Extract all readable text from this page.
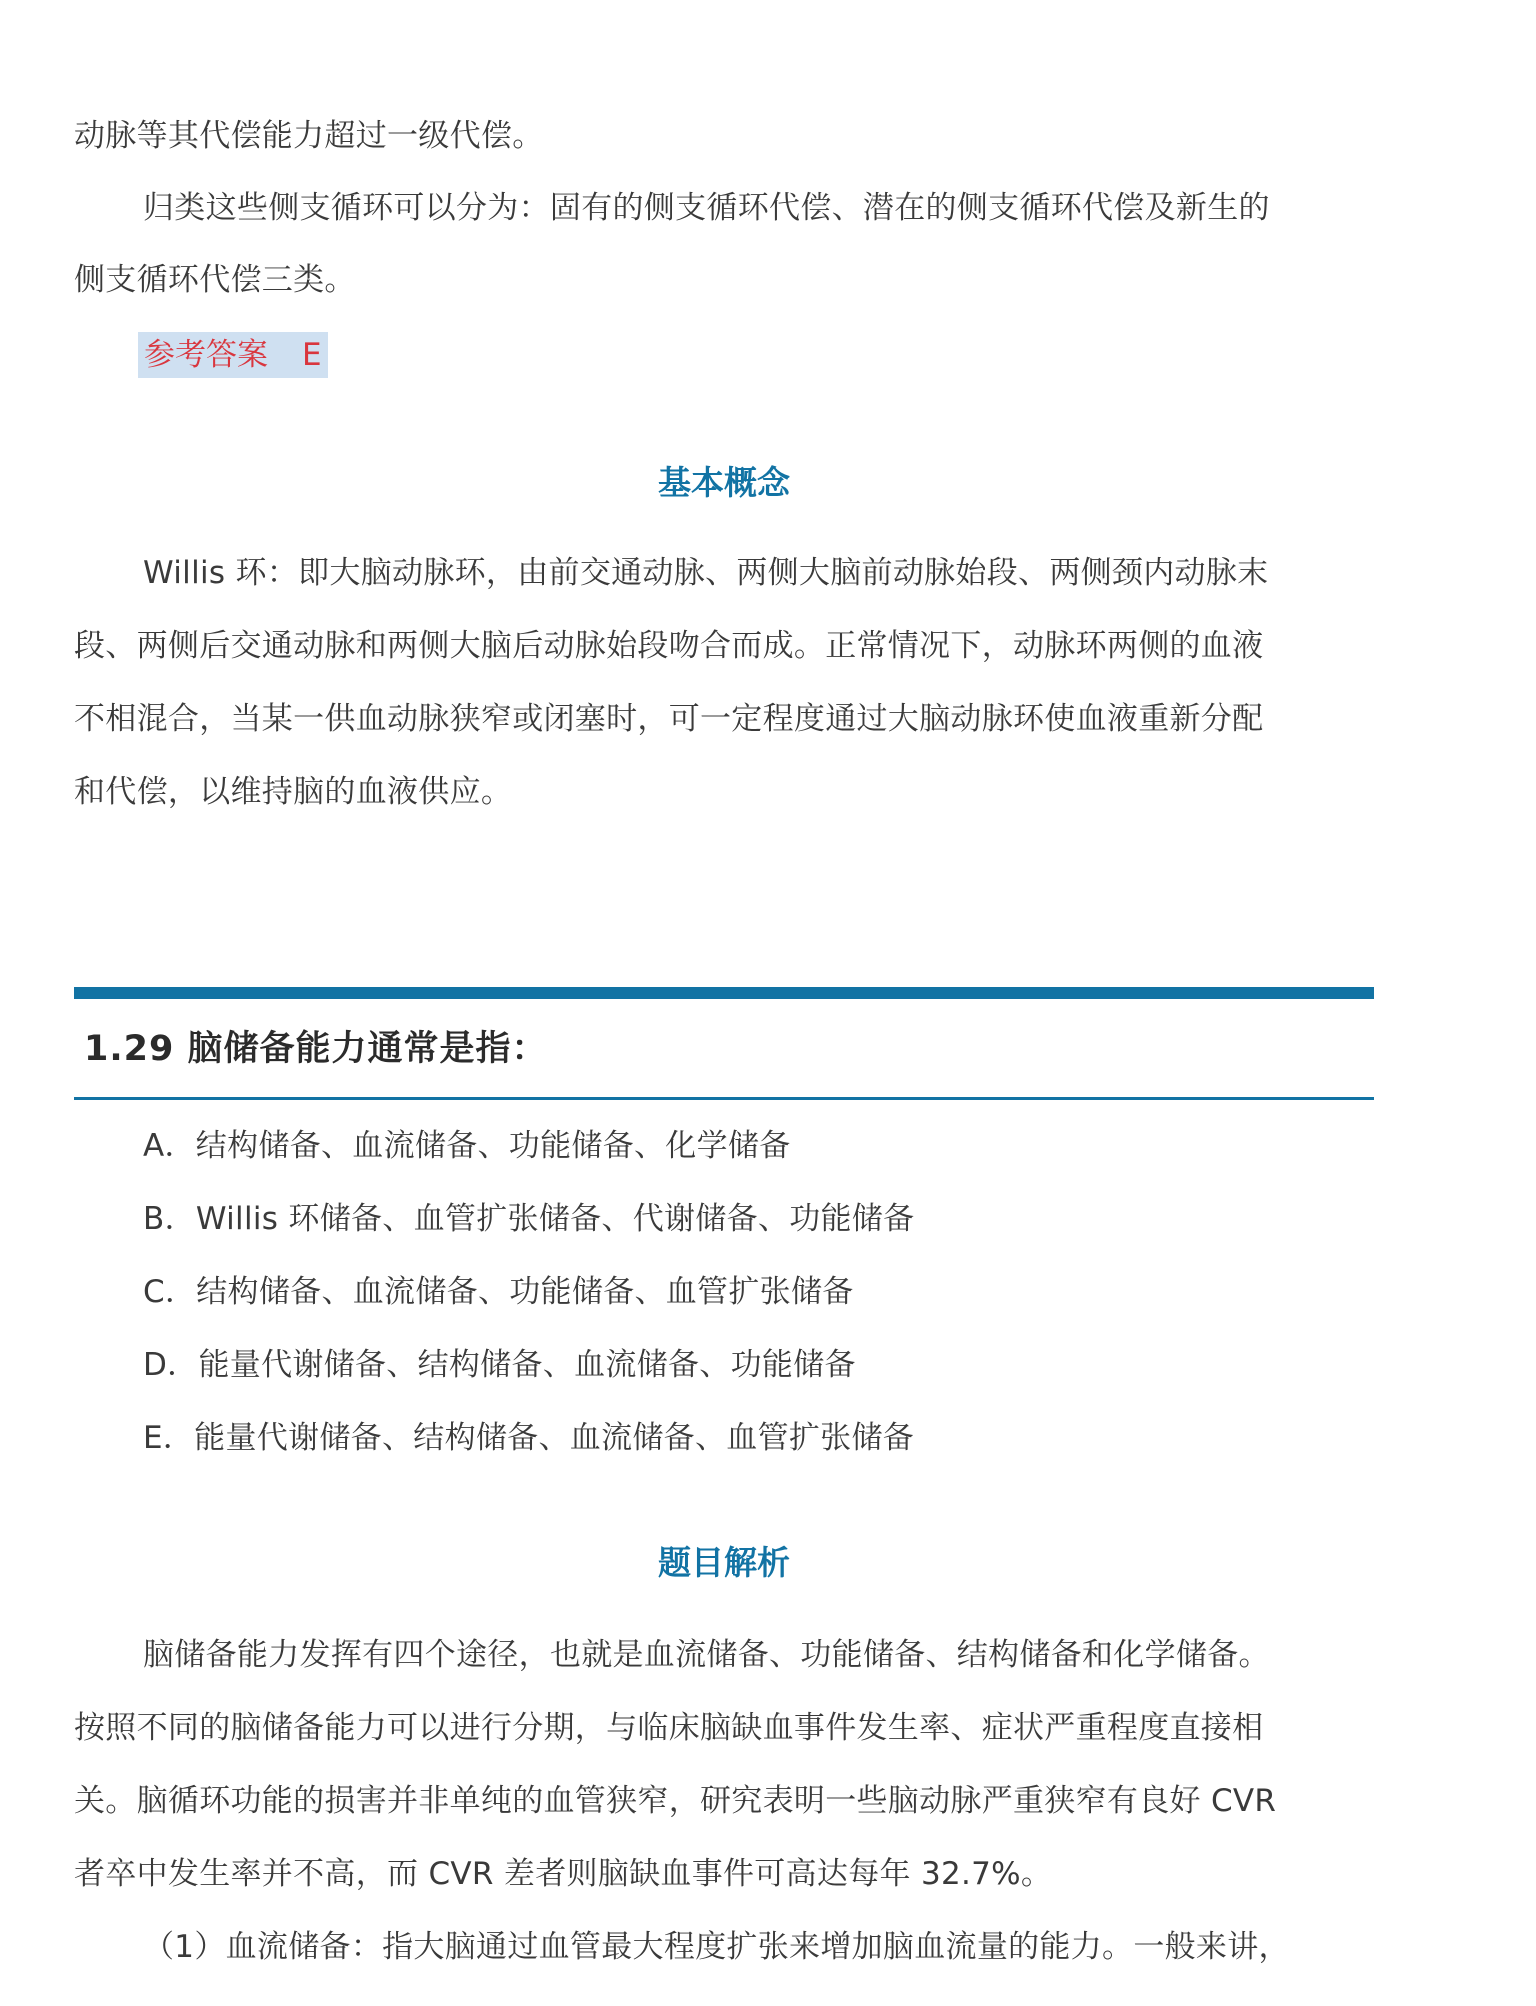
动脉等其代偿能力超过一级代偿。
归类这些侧支循环可以分为：固有的侧支循环代偿、潜在的侧支循环代偿及新生的
侧支循环代偿三类。
参考答案 E
基本概念
Willis 环：即大脑动脉环，由前交通动脉、两侧大脑前动脉始段、两侧颈内动脉末
段、两侧后交通动脉和两侧大脑后动脉始段吻合而成。正常情况下，动脉环两侧的血液
不相混合，当某一供血动脉狭窄或闭塞时，可一定程度通过大脑动脉环使血液重新分配
和代偿，以维持脑的血液供应。
1.29 脑储备能力通常是指：
A．结构储备、血流储备、功能储备、化学储备
B．Willis 环储备、血管扩张储备、代谢储备、功能储备
C．结构储备、血流储备、功能储备、血管扩张储备
D．能量代谢储备、结构储备、血流储备、功能储备
E．能量代谢储备、结构储备、血流储备、血管扩张储备
题目解析
脑储备能力发挥有四个途径，也就是血流储备、功能储备、结构储备和化学储备。
按照不同的脑储备能力可以进行分期，与临床脑缺血事件发生率、症状严重程度直接相
关。脑循环功能的损害并非单纯的血管狭窄，研究表明一些脑动脉严重狭窄有良好 CVR
者卒中发生率并不高，而 CVR 差者则脑缺血事件可高达每年 32.7%。
（1）血流储备：指大脑通过血管最大程度扩张来增加脑血流量的能力。一般来讲，
